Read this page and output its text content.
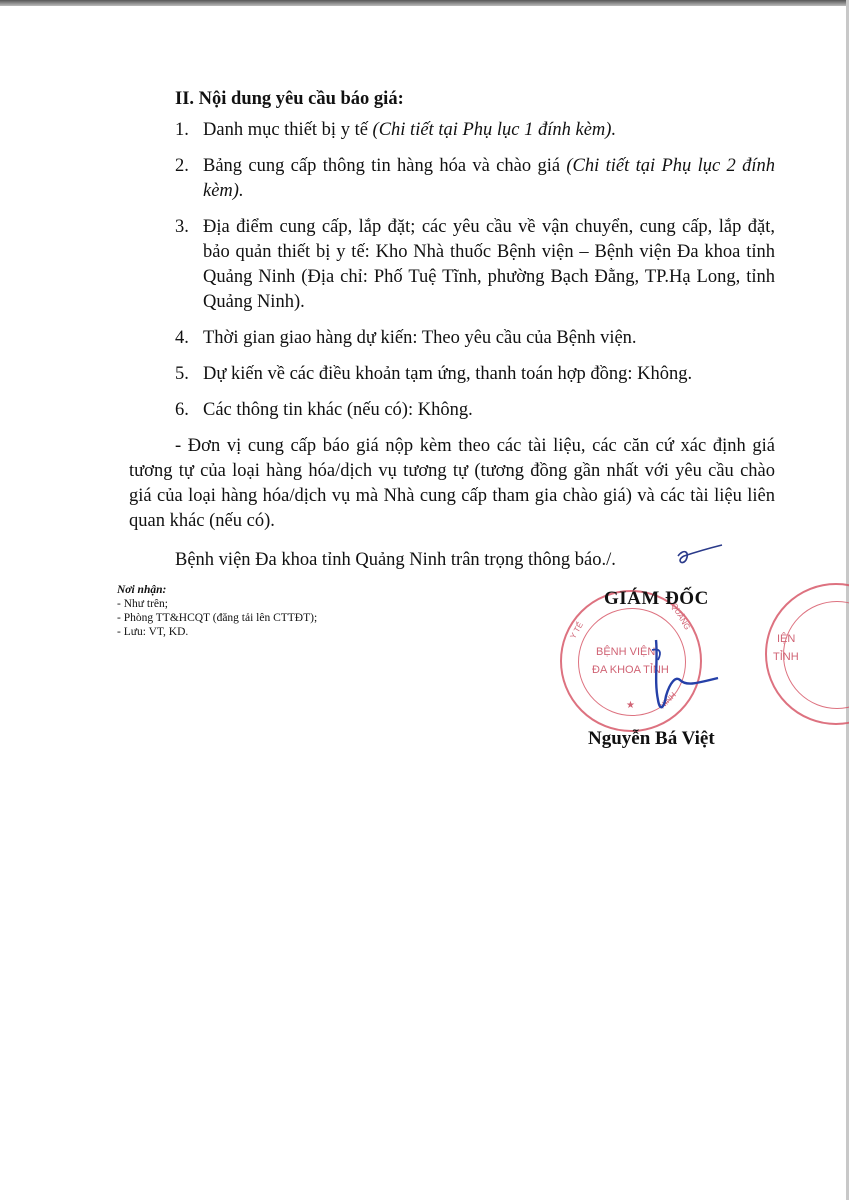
II. Nội dung yêu cầu báo giá:
1. Danh mục thiết bị y tế (Chi tiết tại Phụ lục 1 đính kèm).
2. Bảng cung cấp thông tin hàng hóa và chào giá (Chi tiết tại Phụ lục 2 đính kèm).
3. Địa điểm cung cấp, lắp đặt; các yêu cầu về vận chuyển, cung cấp, lắp đặt, bảo quản thiết bị y tế: Kho Nhà thuốc Bệnh viện – Bệnh viện Đa khoa tỉnh Quảng Ninh (Địa chỉ: Phố Tuệ Tĩnh, phường Bạch Đằng, TP.Hạ Long, tỉnh Quảng Ninh).
4. Thời gian giao hàng dự kiến: Theo yêu cầu của Bệnh viện.
5. Dự kiến về các điều khoản tạm ứng, thanh toán hợp đồng: Không.
6. Các thông tin khác (nếu có): Không.

- Đơn vị cung cấp báo giá nộp kèm theo các tài liệu, các căn cứ xác định giá tương tự của loại hàng hóa/dịch vụ tương tự (tương đồng gần nhất với yêu cầu chào giá của loại hàng hóa/dịch vụ mà Nhà cung cấp tham gia chào giá) và các tài liệu liên quan khác (nếu có).

Bệnh viện Đa khoa tỉnh Quảng Ninh trân trọng thông báo./.

Nơi nhận:
- Như trên;
- Phòng TT&HCQT (đăng tải lên CTTĐT);
- Lưu: VT, KD.
BỆNH VIỆN
ĐA KHOA TỈNH
QUẢNG
NINH
Y TẾ
★
GIÁM ĐỐC
IỆN
TỈNH
Nguyễn Bá Việt
